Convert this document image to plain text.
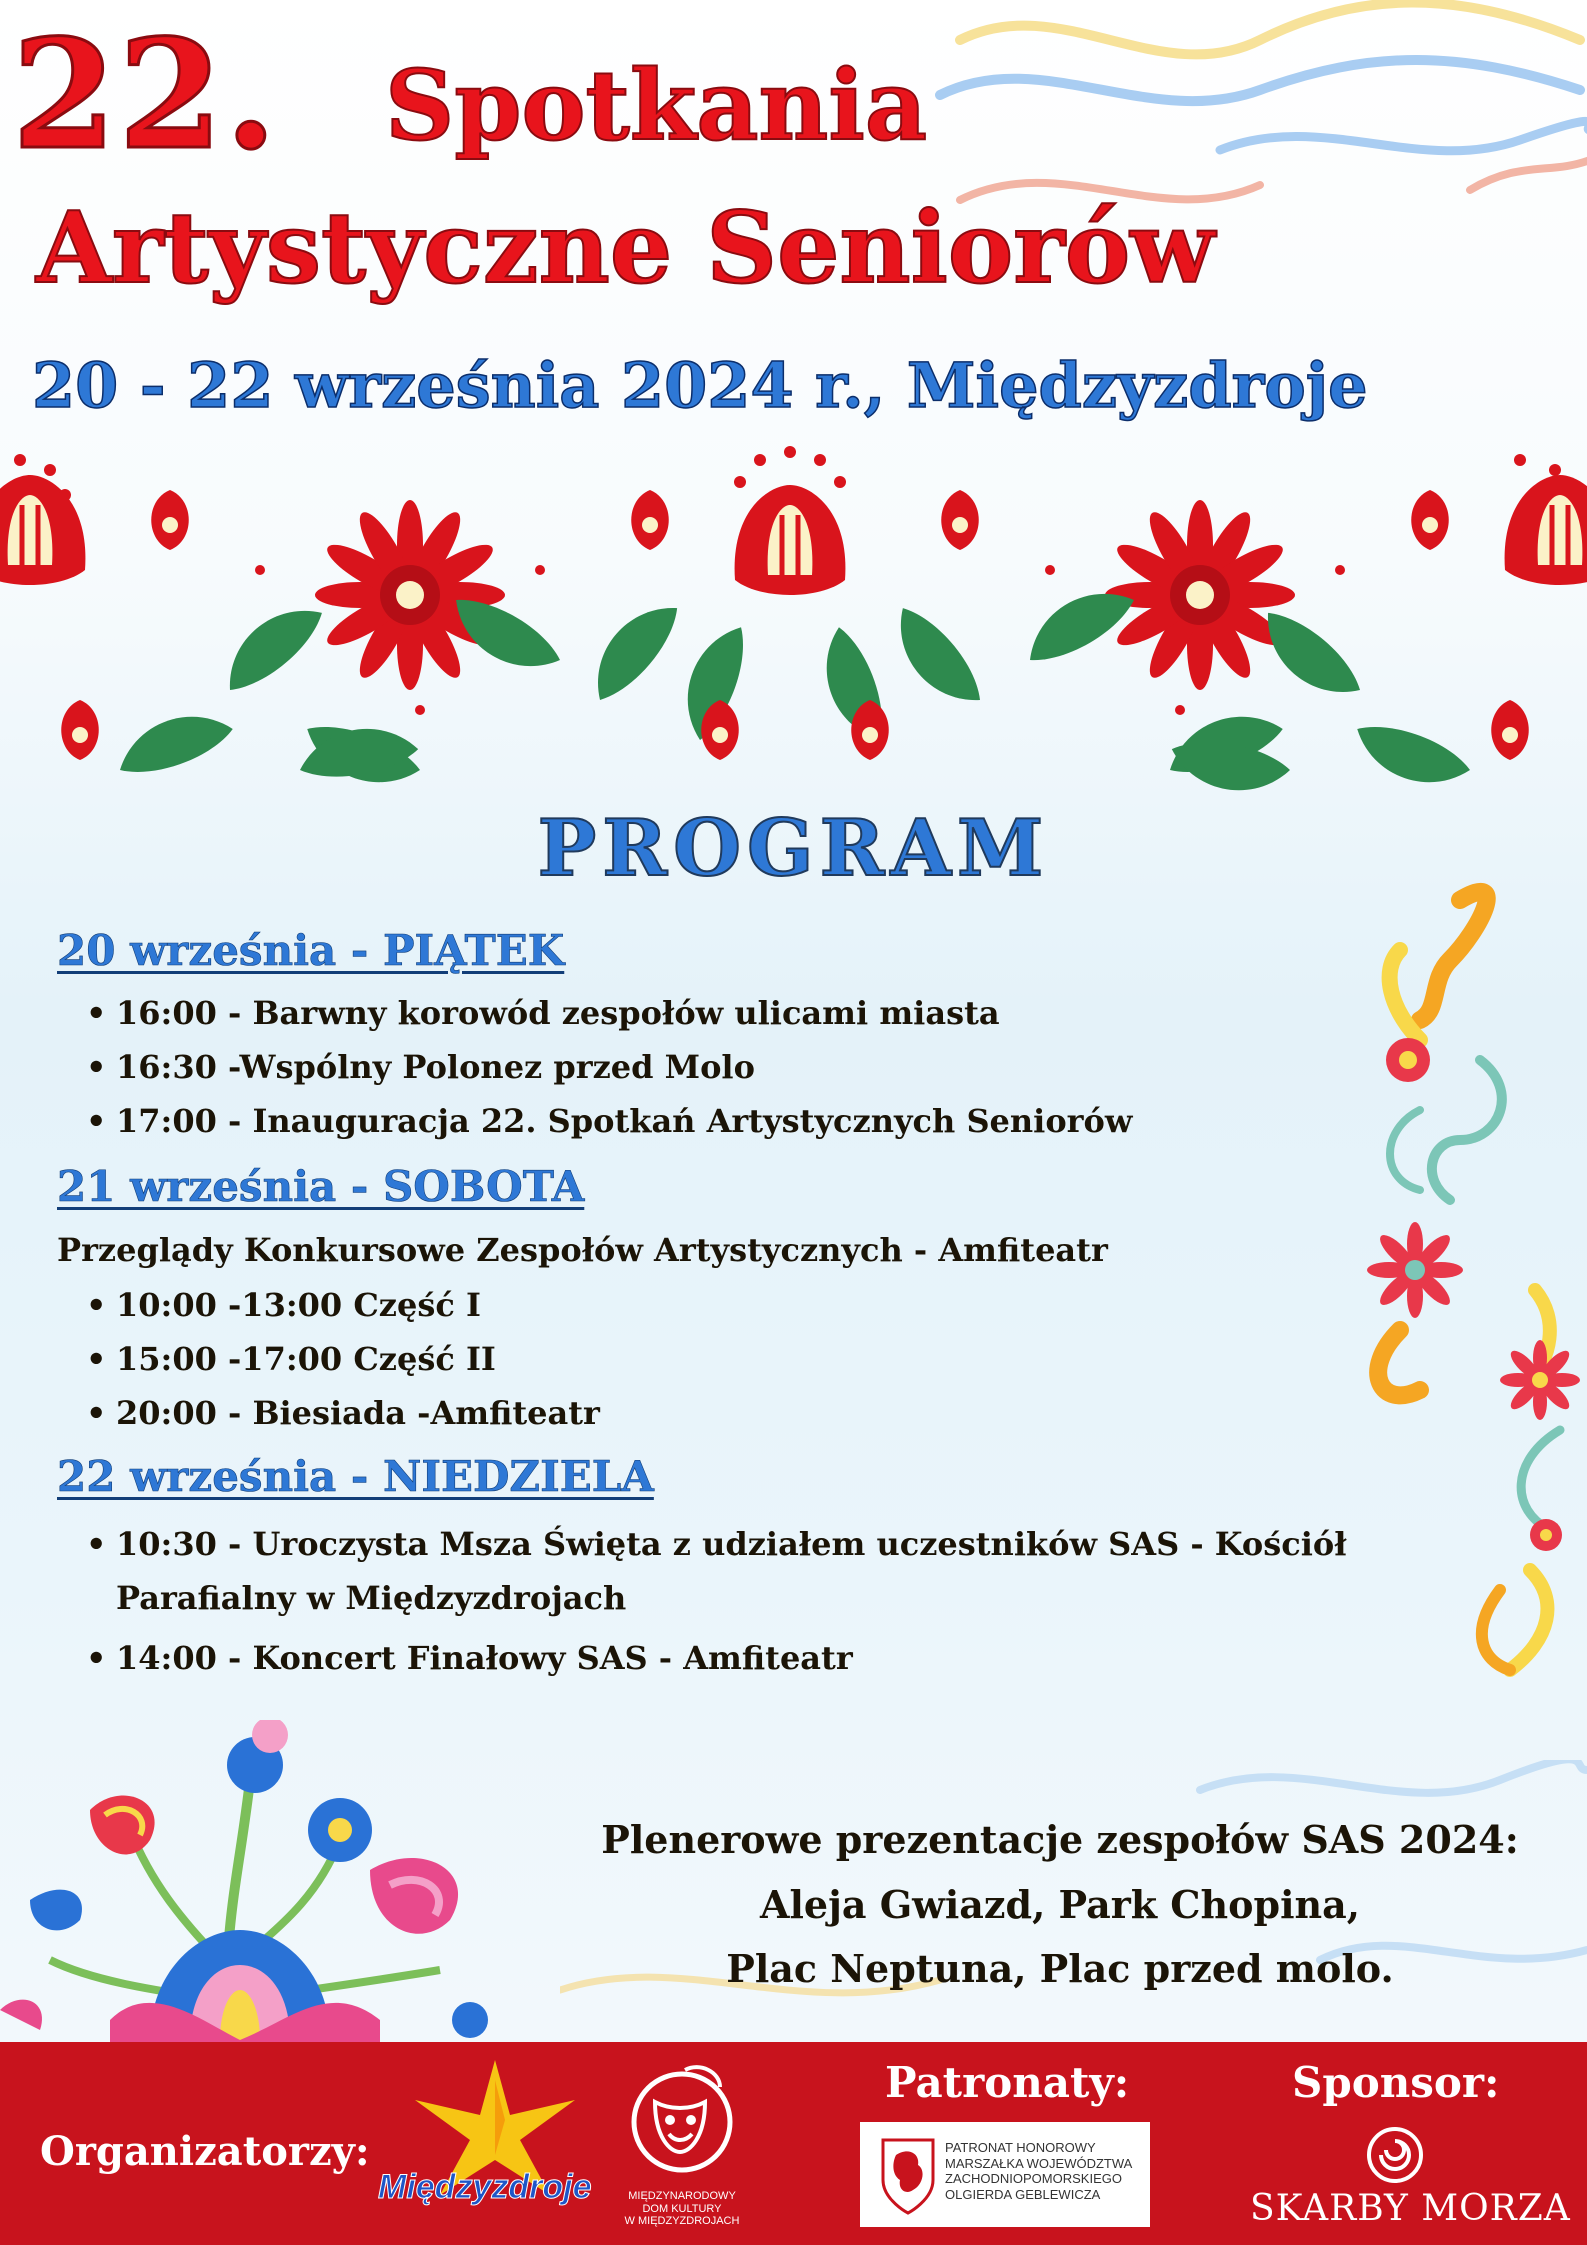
22. Spotkania
Artystyczne Seniorów
20 - 22 września 2024 r., Międzyzdroje
PROGRAM
20 września - PIĄTEK
• 16:00 - Barwny korowód zespołów ulicami miasta
• 16:30 -Wspólny Polonez przed Molo
• 17:00 - Inauguracja 22. Spotkań Artystycznych Seniorów
21 września - SOBOTA
Przeglądy Konkursowe Zespołów Artystycznych - Amfiteatr
• 10:00 -13:00 Część I
• 15:00 -17:00 Część II
• 20:00 - Biesiada -Amfiteatr
22 września - NIEDZIELA
• 10:30 - Uroczysta Msza Święta z udziałem uczestników SAS - Kościół
Parafialny w Międzyzdrojach
• 14:00 - Koncert Finałowy SAS - Amfiteatr
Plenerowe prezentacje zespołów SAS 2024:
Aleja Gwiazd, Park Chopina,
Plac Neptuna, Plac przed molo.
Organizatorzy:
Międzyzdroje	MIĘDZYNARODOWY
DOM KULTURY
W MIĘDZYZDROJACH
Patronaty:
PATRONAT HONOROWY
MARSZAŁKA WOJEWÓDZTWA
ZACHODNIOPOMORSKIEGO
OLGIERDA GEBLEWICZA
Sponsor:
SKARBY MORZA
